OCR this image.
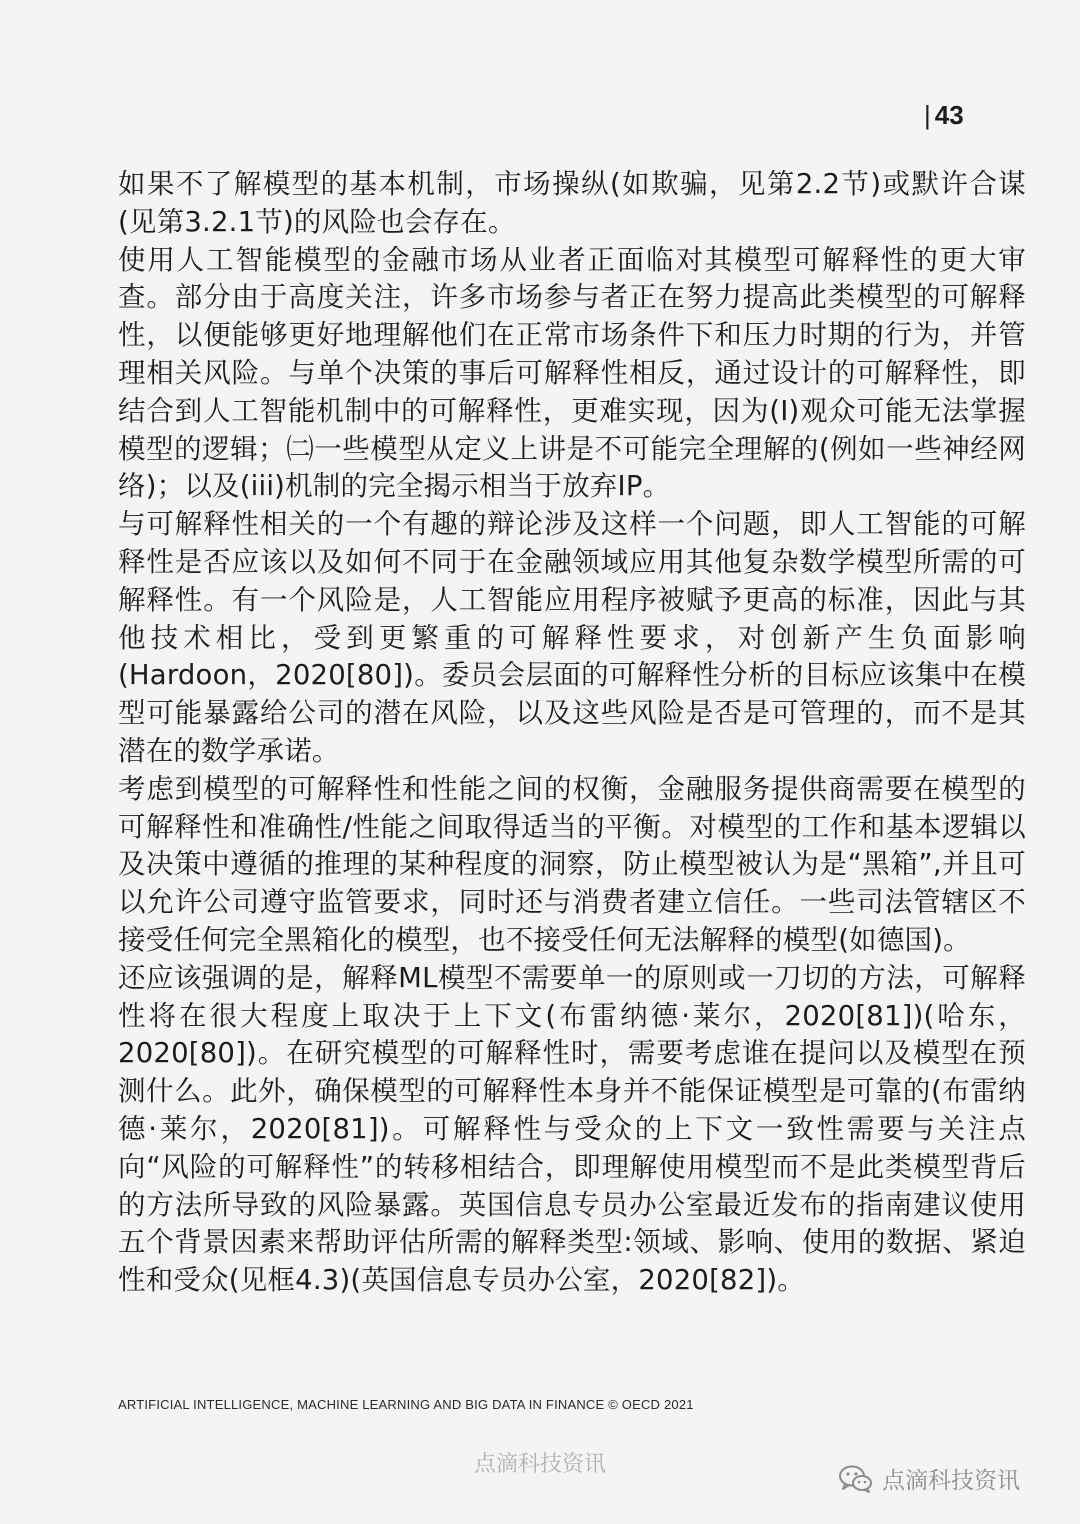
| 43

如果不了解模型的基本机制，市场操纵(如欺骗，见第2.2节)或默许合谋(见第3.2.1节)的风险也会存在。

使用人工智能模型的金融市场从业者正面临对其模型可解释性的更大审查。部分由于高度关注，许多市场参与者正在努力提高此类模型的可解释性，以便能够更好地理解他们在正常市场条件下和压力时期的行为，并管理相关风险。与单个决策的事后可解释性相反，通过设计的可解释性，即结合到人工智能机制中的可解释性，更难实现，因为(I)观众可能无法掌握模型的逻辑；㈡一些模型从定义上讲是不可能完全理解的(例如一些神经网络)；以及(iii)机制的完全揭示相当于放弃IP。

与可解释性相关的一个有趣的辩论涉及这样一个问题，即人工智能的可解释性是否应该以及如何不同于在金融领域应用其他复杂数学模型所需的可解释性。有一个风险是，人工智能应用程序被赋予更高的标准，因此与其他技术相比，受到更繁重的可解释性要求，对创新产生负面影响(Hardoon，2020[80])。委员会层面的可解释性分析的目标应该集中在模型可能暴露给公司的潜在风险，以及这些风险是否是可管理的，而不是其潜在的数学承诺。

考虑到模型的可解释性和性能之间的权衡，金融服务提供商需要在模型的可解释性和准确性/性能之间取得适当的平衡。对模型的工作和基本逻辑以及决策中遵循的推理的某种程度的洞察，防止模型被认为是“黑箱”,并且可以允许公司遵守监管要求，同时还与消费者建立信任。一些司法管辖区不接受任何完全黑箱化的模型，也不接受任何无法解释的模型(如德国)。

还应该强调的是，解释ML模型不需要单一的原则或一刀切的方法，可解释性将在很大程度上取决于上下文(布雷纳德·莱尔，2020[81])(哈东，2020[80])。在研究模型的可解释性时，需要考虑谁在提问以及模型在预测什么。此外，确保模型的可解释性本身并不能保证模型是可靠的(布雷纳德·莱尔，2020[81])。可解释性与受众的上下文一致性需要与关注点向“风险的可解释性”的转移相结合，即理解使用模型而不是此类模型背后的方法所导致的风险暴露。英国信息专员办公室最近发布的指南建议使用五个背景因素来帮助评估所需的解释类型:领域、影响、使用的数据、紧迫性和受众(见框4.3)(英国信息专员办公室，2020[82])。

ARTIFICIAL INTELLIGENCE, MACHINE LEARNING AND BIG DATA IN FINANCE © OECD 2021
点滴科技资讯
点滴科技资讯
